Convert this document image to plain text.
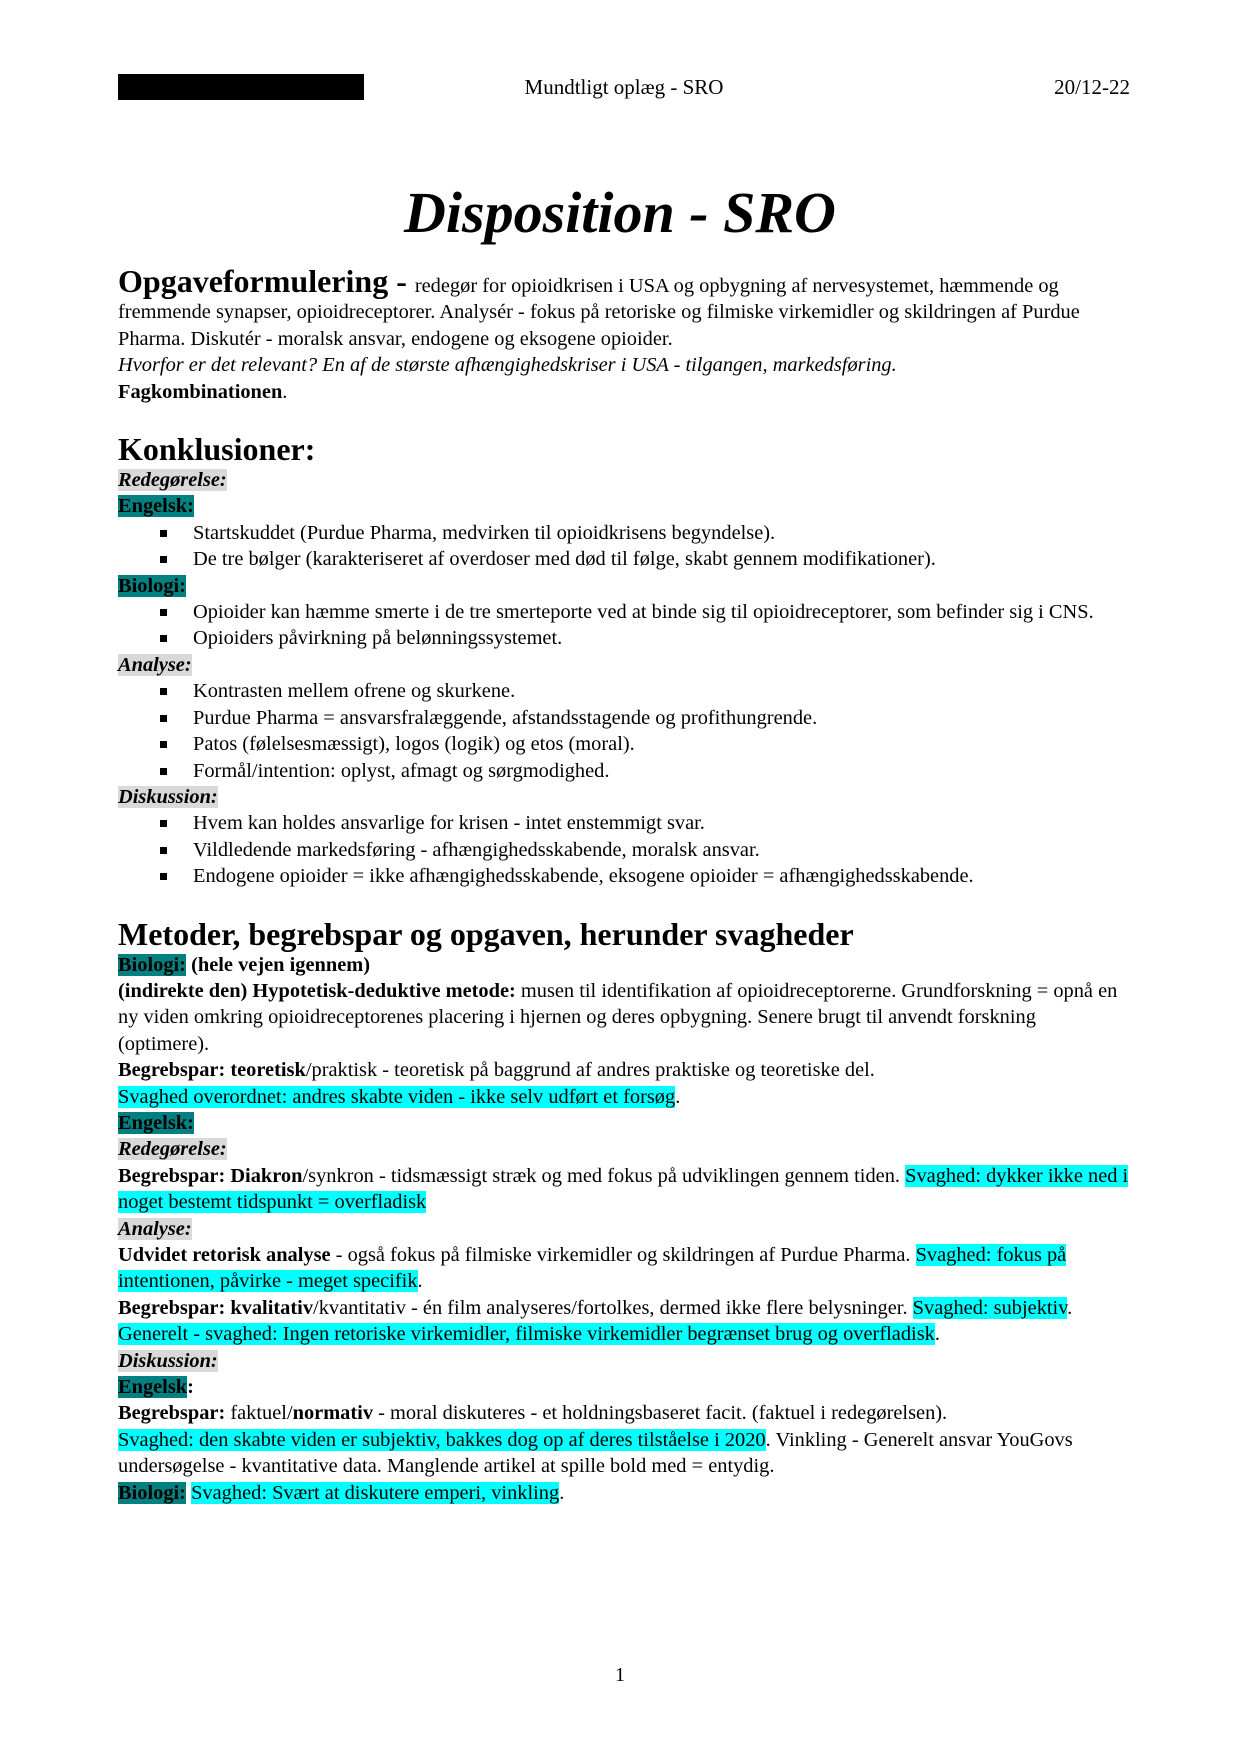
Mundtligt oplæg - SRO	20/12-22
Disposition - SRO

Opgaveformulering - redegør for opioidkrisen i USA og opbygning af nervesystemet, hæmmende og fremmende synapser, opioidreceptorer. Analysér - fokus på retoriske og filmiske virkemidler og skildringen af Purdue Pharma. Diskutér - moralsk ansvar, endogene og eksogene opioider.

Hvorfor er det relevant? En af de største afhængighedskriser i USA - tilgangen, markedsføring.

Fagkombinationen.

Konklusioner:

Redegørelse:

Engelsk:

Startskuddet (Purdue Pharma, medvirken til opioidkrisens begyndelse).
De tre bølger (karakteriseret af overdoser med død til følge, skabt gennem modifikationer).

Biologi:

Opioider kan hæmme smerte i de tre smerteporte ved at binde sig til opioidreceptorer, som befinder sig i CNS.
Opioiders påvirkning på belønningssystemet.

Analyse:

Kontrasten mellem ofrene og skurkene.
Purdue Pharma = ansvarsfralæggende, afstandsstagende og profithungrende.
Patos (følelsesmæssigt), logos (logik) og etos (moral).
Formål/intention: oplyst, afmagt og sørgmodighed.

Diskussion:

Hvem kan holdes ansvarlige for krisen - intet enstemmigt svar.
Vildledende markedsføring - afhængighedsskabende, moralsk ansvar.
Endogene opioider = ikke afhængighedsskabende, eksogene opioider = afhængighedsskabende.
Metoder, begrebspar og opgaven, herunder svagheder

Biologi: (hele vejen igennem)

(indirekte den) Hypotetisk-deduktive metode: musen til identifikation af opioidreceptorerne. Grundforskning = opnå en ny viden omkring opioidreceptorenes placering i hjernen og deres opbygning. Senere brugt til anvendt forskning (optimere).

Begrebspar: teoretisk/praktisk - teoretisk på baggrund af andres praktiske og teoretiske del.

Svaghed overordnet: andres skabte viden - ikke selv udført et forsøg.

Engelsk:

Redegørelse:

Begrebspar: Diakron/synkron - tidsmæssigt stræk og med fokus på udviklingen gennem tiden. Svaghed: dykker ikke ned i noget bestemt tidspunkt = overfladisk

Analyse:

Udvidet retorisk analyse - også fokus på filmiske virkemidler og skildringen af Purdue Pharma. Svaghed: fokus på intentionen, påvirke - meget specifik.

Begrebspar: kvalitativ/kvantitativ - én film analyseres/fortolkes, dermed ikke flere belysninger. Svaghed: subjektiv.

Generelt - svaghed: Ingen retoriske virkemidler, filmiske virkemidler begrænset brug og overfladisk.

Diskussion:

Engelsk:

Begrebspar: faktuel/normativ - moral diskuteres - et holdningsbaseret facit. (faktuel i redegørelsen).

Svaghed: den skabte viden er subjektiv, bakkes dog op af deres tilståelse i 2020. Vinkling - Generelt ansvar YouGovs undersøgelse - kvantitative data. Manglende artikel at spille bold med = entydig.

Biologi: Svaghed: Svært at diskutere emperi, vinkling.

1
